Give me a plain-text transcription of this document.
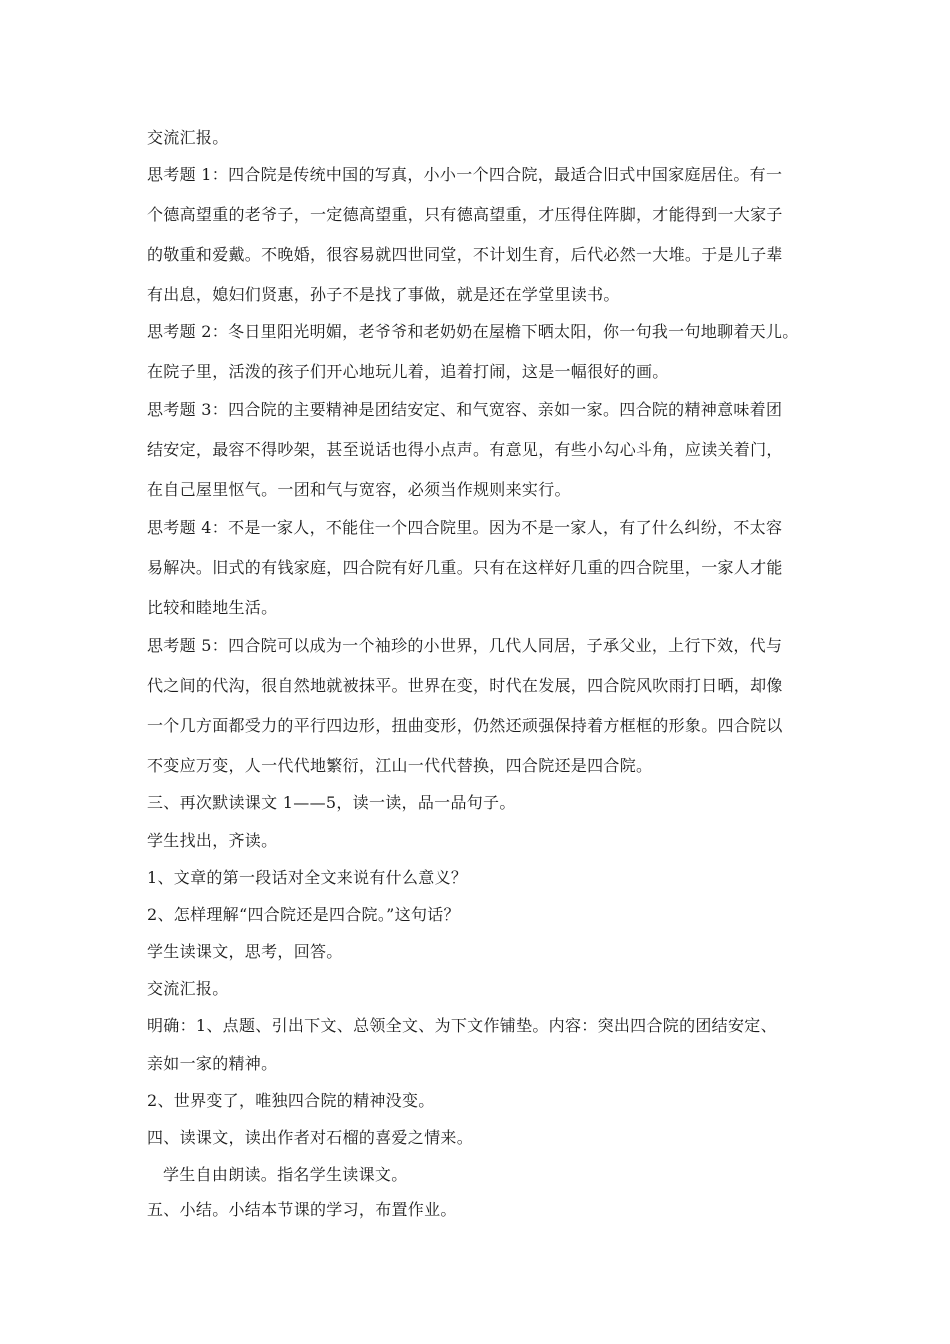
交流汇报。
思考题 1：四合院是传统中国的写真，小小一个四合院，最适合旧式中国家庭居住。有一
个德高望重的老爷子，一定德高望重，只有德高望重，才压得住阵脚，才能得到一大家子
的敬重和爱戴。不晚婚，很容易就四世同堂，不计划生育，后代必然一大堆。于是儿子辈
有出息，媳妇们贤惠，孙子不是找了事做，就是还在学堂里读书。
思考题 2：冬日里阳光明媚，老爷爷和老奶奶在屋檐下晒太阳，你一句我一句地聊着天儿。
在院子里，活泼的孩子们开心地玩儿着，追着打闹，这是一幅很好的画。
思考题 3：四合院的主要精神是团结安定、和气宽容、亲如一家。四合院的精神意味着团
结安定，最容不得吵架，甚至说话也得小点声。有意见，有些小勾心斗角，应读关着门，
在自己屋里怄气。一团和气与宽容，必须当作规则来实行。
思考题 4：不是一家人，不能住一个四合院里。因为不是一家人，有了什么纠纷，不太容
易解决。旧式的有钱家庭，四合院有好几重。只有在这样好几重的四合院里，一家人才能
比较和睦地生活。
思考题 5：四合院可以成为一个袖珍的小世界，几代人同居，子承父业，上行下效，代与
代之间的代沟，很自然地就被抹平。世界在变，时代在发展，四合院风吹雨打日晒，却像
一个几方面都受力的平行四边形，扭曲变形，仍然还顽强保持着方框框的形象。四合院以
不变应万变，人一代代地繁衍，江山一代代替换，四合院还是四合院。
三、再次默读课文 1——5，读一读，品一品句子。
学生找出，齐读。
1、文章的第一段话对全文来说有什么意义？
2、怎样理解“四合院还是四合院。”这句话？
学生读课文，思考，回答。
交流汇报。
明确：1、点题、引出下文、总领全文、为下文作铺垫。内容：突出四合院的团结安定、
亲如一家的精神。
2、世界变了，唯独四合院的精神没变。
四、读课文，读出作者对石榴的喜爱之情来。
学生自由朗读。指名学生读课文。
五、小结。小结本节课的学习，布置作业。
